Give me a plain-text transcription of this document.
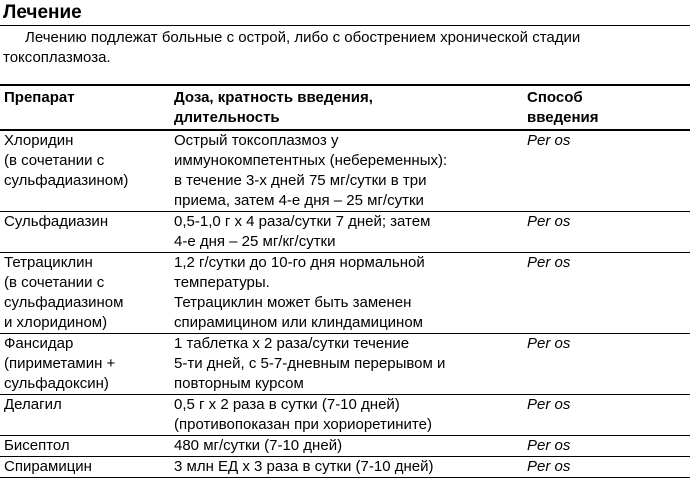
Лечение
Лечению подлежат больные с острой, либо с обострением хронической стадии
токсоплазмоза.
Препарат	Доза, кратность введения,
длительность	Способ
введения

Хлоридин
(в сочетании с
сульфадиазином)	Острый токсоплазмоз у
иммунокомпетентных (небеременных):
в течение 3-х дней 75 мг/сутки в три
приема, затем 4-е дня – 25 мг/сутки	Per os

Сульфадиазин	0,5-1,0 г х 4 раза/сутки 7 дней; затем
4-е дня – 25 мг/кг/сутки	Per os

Тетрациклин
(в сочетании с
сульфадиазином
и хлоридином)	1,2 г/сутки до 10-го дня нормальной
температуры.
Тетрациклин может быть заменен
спирамицином или клиндамицином	Per os

Фансидар
(пириметамин +
сульфадоксин)	1 таблетка х 2 раза/сутки течение
5-ти дней, с 5-7-дневным перерывом и
повторным курсом	Per os

Делагил	0,5 г х 2 раза в сутки (7-10 дней)
(противопоказан при хориоретините)	Per os

Бисептол	480 мг/сутки (7-10 дней)	Per os

Спирамицин	3 млн ЕД х 3 раза в сутки (7-10 дней)	Per os
